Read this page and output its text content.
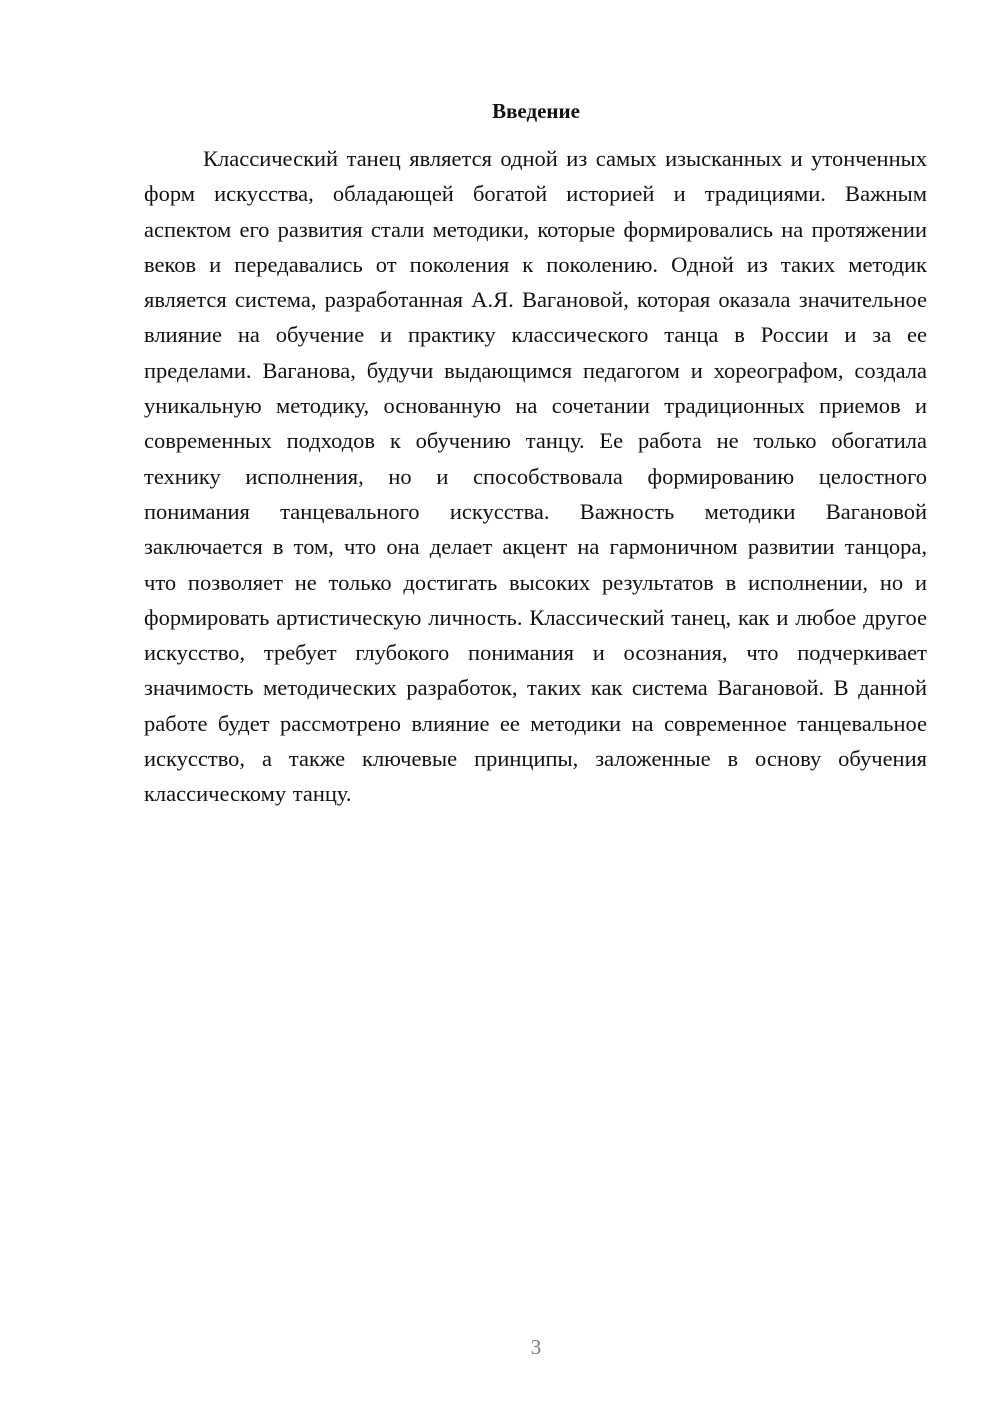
Введение

Классический танец является одной из самых изысканных и утонченных форм искусства, обладающей богатой историей и традициями. Важным аспектом его развития стали методики, которые формировались на протяжении веков и передавались от поколения к поколению. Одной из таких методик является система, разработанная А.Я. Вагановой, которая оказала значительное влияние на обучение и практику классического танца в России и за ее пределами. Ваганова, будучи выдающимся педагогом и хореографом, создала уникальную методику, основанную на сочетании традиционных приемов и современных подходов к обучению танцу. Ее работа не только обогатила технику исполнения, но и способствовала формированию целостного понимания танцевального искусства. Важность методики Вагановой заключается в том, что она делает акцент на гармоничном развитии танцора, что позволяет не только достигать высоких результатов в исполнении, но и формировать артистическую личность. Классический танец, как и любое другое искусство, требует глубокого понимания и осознания, что подчеркивает значимость методических разработок, таких как система Вагановой. В данной работе будет рассмотрено влияние ее методики на современное танцевальное искусство, а также ключевые принципы, заложенные в основу обучения классическому танцу.

3
